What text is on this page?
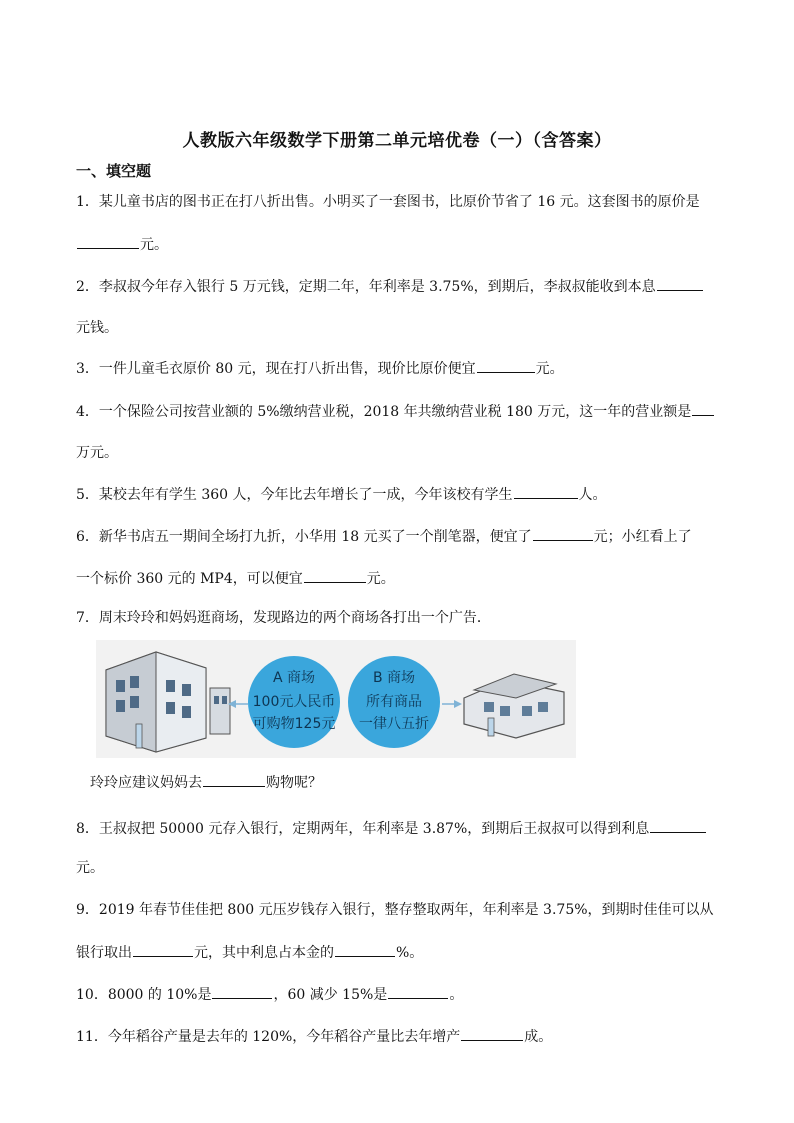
人教版六年级数学下册第二单元培优卷（一）（含答案）
一、填空题
1．某儿童书店的图书正在打八折出售。小明买了一套图书，比原价节省了 16 元。这套图书的原价是
元。
2．李叔叔今年存入银行 5 万元钱，定期二年，年利率是 3.75%，到期后，李叔叔能收到本息
元钱。
3．一件儿童毛衣原价 80 元，现在打八折出售，现价比原价便宜	元。
4．一个保险公司按营业额的 5%缴纳营业税，2018 年共缴纳营业税 180 万元，这一年的营业额是
万元。
5．某校去年有学生 360 人，今年比去年增长了一成，今年该校有学生	人。
6．新华书店五一期间全场打九折，小华用 18 元买了一个削笔器，便宜了	元；小红看上了
一个标价 360 元的 MP4，可以便宜	元。
7．周末玲玲和妈妈逛商场，发现路边的两个商场各打出一个广告．
A 商场
100元人民币
可购物125元
B 商场
所有商品
一律八五折
玲玲应建议妈妈去	购物呢？
8．王叔叔把 50000 元存入银行，定期两年，年利率是 3.87%，到期后王叔叔可以得到利息
元。
9．2019 年春节佳佳把 800 元压岁钱存入银行，整存整取两年，年利率是 3.75%，到期时佳佳可以从
银行取出	元，其中利息占本金的	%。
10．8000 的 10%是	，60 减少 15%是	。
11．今年稻谷产量是去年的 120%，今年稻谷产量比去年增产	成。
